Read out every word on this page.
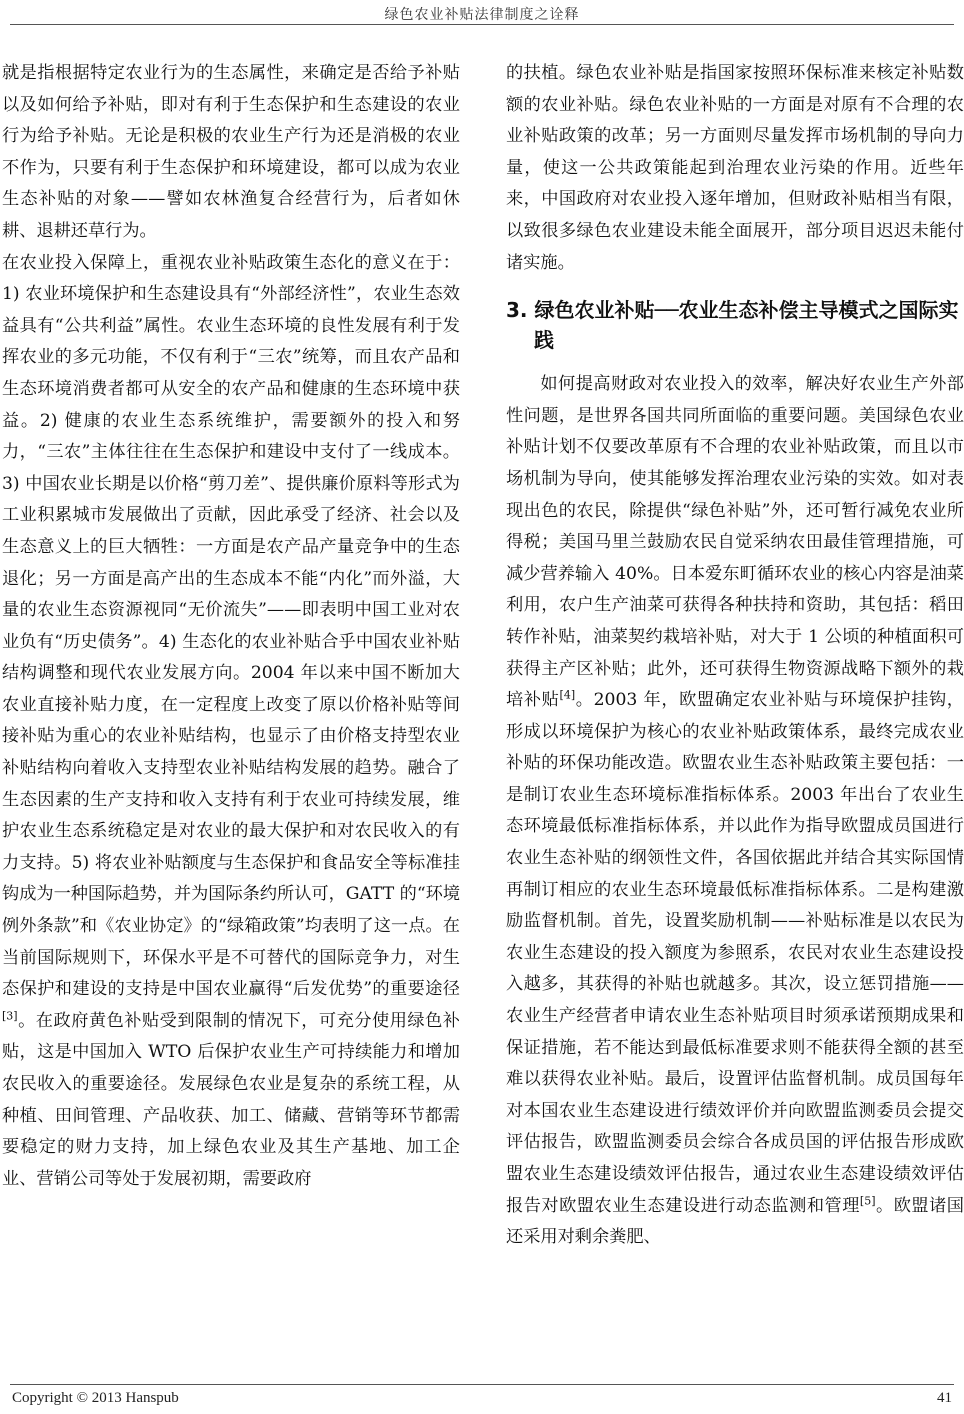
绿色农业补贴法律制度之诠释

就是指根据特定农业行为的生态属性，来确定是否给予补贴以及如何给予补贴，即对有利于生态保护和生态建设的农业行为给予补贴。无论是积极的农业生产行为还是消极的农业不作为，只要有利于生态保护和环境建设，都可以成为农业生态补贴的对象——譬如农林渔复合经营行为，后者如休耕、退耕还草行为。

在农业投入保障上，重视农业补贴政策生态化的意义在于：1) 农业环境保护和生态建设具有“外部经济性”，农业生态效益具有“公共利益”属性。农业生态环境的良性发展有利于发挥农业的多元功能，不仅有利于“三农”统筹，而且农产品和生态环境消费者都可从安全的农产品和健康的生态环境中获益。2) 健康的农业生态系统维护，需要额外的投入和努力，“三农”主体往往在生态保护和建设中支付了一线成本。3) 中国农业长期是以价格“剪刀差”、提供廉价原料等形式为工业积累城市发展做出了贡献，因此承受了经济、社会以及生态意义上的巨大牺牲：一方面是农产品产量竞争中的生态退化；另一方面是高产出的生态成本不能“内化”而外溢，大量的农业生态资源视同“无价流失”——即表明中国工业对农业负有“历史债务”。4) 生态化的农业补贴合乎中国农业补贴结构调整和现代农业发展方向。2004 年以来中国不断加大农业直接补贴力度，在一定程度上改变了原以价格补贴等间接补贴为重心的农业补贴结构，也显示了由价格支持型农业补贴结构向着收入支持型农业补贴结构发展的趋势。融合了生态因素的生产支持和收入支持有利于农业可持续发展，维护农业生态系统稳定是对农业的最大保护和对农民收入的有力支持。5) 将农业补贴额度与生态保护和食品安全等标准挂钩成为一种国际趋势，并为国际条约所认可，GATT 的“环境例外条款”和《农业协定》的“绿箱政策”均表明了这一点。在当前国际规则下，环保水平是不可替代的国际竞争力，对生态保护和建设的支持是中国农业赢得“后发优势”的重要途径[3]。在政府黄色补贴受到限制的情况下，可充分使用绿色补贴，这是中国加入 WTO 后保护农业生产可持续能力和增加农民收入的重要途径。发展绿色农业是复杂的系统工程，从种植、田间管理、产品收获、加工、储藏、营销等环节都需要稳定的财力支持，加上绿色农业及其生产基地、加工企业、营销公司等处于发展初期，需要政府

的扶植。绿色农业补贴是指国家按照环保标准来核定补贴数额的农业补贴。绿色农业补贴的一方面是对原有不合理的农业补贴政策的改革；另一方面则尽量发挥市场机制的导向力量，使这一公共政策能起到治理农业污染的作用。近些年来，中国政府对农业投入逐年增加，但财政补贴相当有限，以致很多绿色农业建设未能全面展开，部分项目迟迟未能付诸实施。

3. 绿色农业补贴──农业生态补偿主导模式之国际实践

如何提高财政对农业投入的效率，解决好农业生产外部性问题，是世界各国共同所面临的重要问题。美国绿色农业补贴计划不仅要改革原有不合理的农业补贴政策，而且以市场机制为导向，使其能够发挥治理农业污染的实效。如对表现出色的农民，除提供“绿色补贴”外，还可暂行减免农业所得税；美国马里兰鼓励农民自觉采纳农田最佳管理措施，可减少营养输入 40%。日本爱东町循环农业的核心内容是油菜利用，农户生产油菜可获得各种扶持和资助，其包括：稻田转作补贴，油菜契约栽培补贴，对大于 1 公顷的种植面积可获得主产区补贴；此外，还可获得生物资源战略下额外的栽培补贴[4]。2003 年，欧盟确定农业补贴与环境保护挂钩，形成以环境保护为核心的农业补贴政策体系，最终完成农业补贴的环保功能改造。欧盟农业生态补贴政策主要包括：一是制订农业生态环境标准指标体系。2003 年出台了农业生态环境最低标准指标体系，并以此作为指导欧盟成员国进行农业生态补贴的纲领性文件，各国依据此并结合其实际国情再制订相应的农业生态环境最低标准指标体系。二是构建激励监督机制。首先，设置奖励机制——补贴标准是以农民为农业生态建设的投入额度为参照系，农民对农业生态建设投入越多，其获得的补贴也就越多。其次，设立惩罚措施——农业生产经营者申请农业生态补贴项目时须承诺预期成果和保证措施，若不能达到最低标准要求则不能获得全额的甚至难以获得农业补贴。最后，设置评估监督机制。成员国每年对本国农业生态建设进行绩效评价并向欧盟监测委员会提交评估报告，欧盟监测委员会综合各成员国的评估报告形成欧盟农业生态建设绩效评估报告，通过农业生态建设绩效评估报告对欧盟农业生态建设进行动态监测和管理[5]。欧盟诸国还采用对剩余粪肥、

Copyright © 2013 Hanspub	41
